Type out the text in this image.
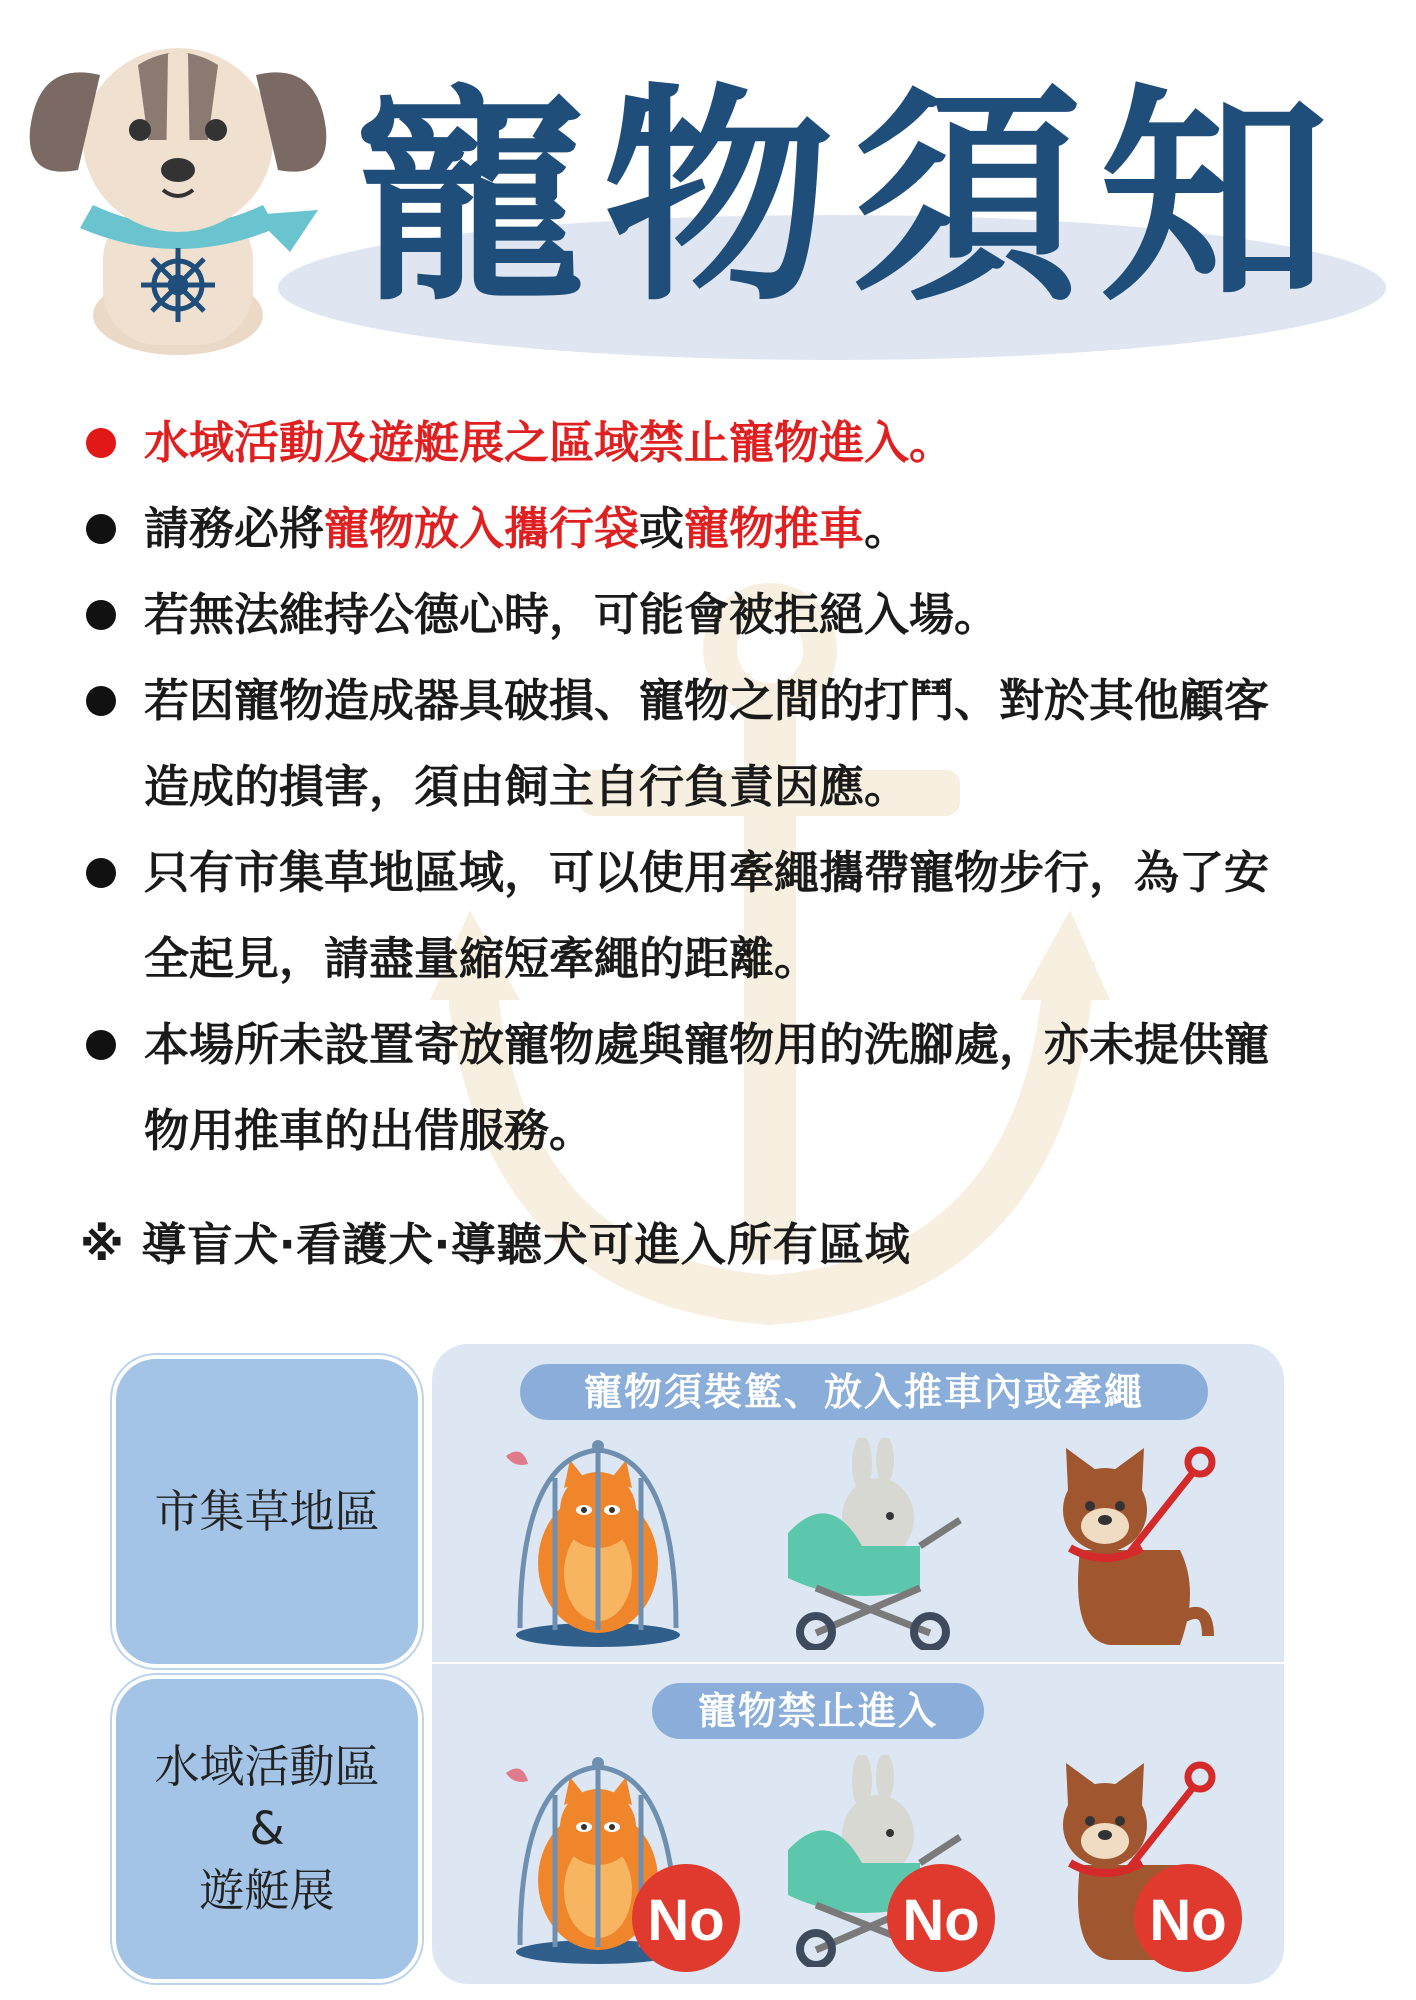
寵物須知
水域活動及遊艇展之區域禁止寵物進入。
請務必將寵物放入攜行袋或寵物推車。
若無法維持公德心時，可能會被拒絕入場。
若因寵物造成器具破損、寵物之間的打鬥、對於其他顧客
造成的損害，須由飼主自行負責因應。
只有市集草地區域，可以使用牽繩攜帶寵物步行，為了安
全起見，請盡量縮短牽繩的距離。
本場所未設置寄放寵物處與寵物用的洗腳處，亦未提供寵
物用推車的出借服務。
※ 導盲犬‧看護犬‧導聽犬可進入所有區域
市集草地區
水域活動區
&
遊艇展
寵物須裝籃、放入推車內或牽繩
寵物禁止進入
No	No	No
